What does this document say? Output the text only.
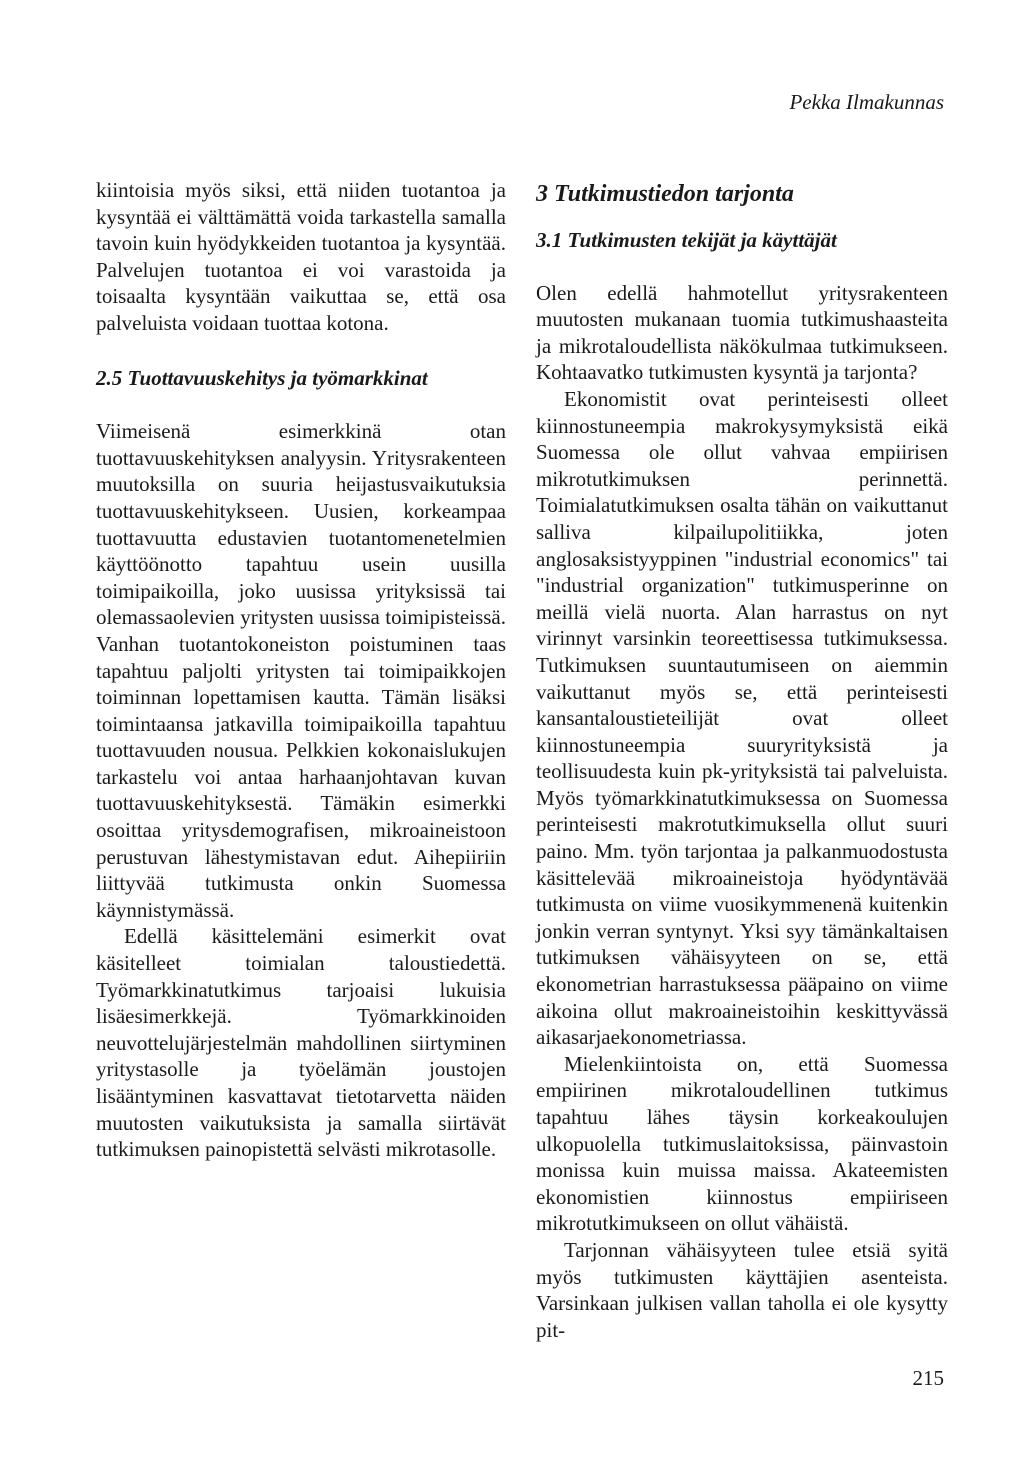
Pekka Ilmakunnas

kiintoisia myös siksi, että niiden tuotantoa ja kysyntää ei välttämättä voida tarkastella samalla tavoin kuin hyödykkeiden tuotantoa ja kysyntää. Palvelujen tuotantoa ei voi varastoida ja toisaalta kysyntään vaikuttaa se, että osa palveluista voidaan tuottaa kotona.

2.5 Tuottavuuskehitys ja työmarkkinat

Viimeisenä esimerkkinä otan tuottavuuskehityksen analyysin. Yritysrakenteen muutoksilla on suuria heijastusvaikutuksia tuottavuuskehitykseen. Uusien, korkeampaa tuottavuutta edustavien tuotantomenetelmien käyttöönotto tapahtuu usein uusilla toimipaikoilla, joko uusissa yrityksissä tai olemassaolevien yritysten uusissa toimipisteissä. Vanhan tuotantokoneiston poistuminen taas tapahtuu paljolti yritysten tai toimipaikkojen toiminnan lopettamisen kautta. Tämän lisäksi toimintaansa jatkavilla toimipaikoilla tapahtuu tuottavuuden nousua. Pelkkien kokonaislukujen tarkastelu voi antaa harhaanjohtavan kuvan tuottavuuskehityksestä. Tämäkin esimerkki osoittaa yritysdemografisen, mikroaineistoon perustuvan lähestymistavan edut. Aihepiiriin liittyvää tutkimusta onkin Suomessa käynnistymässä.

Edellä käsittelemäni esimerkit ovat käsitelleet toimialan taloustiedettä. Työmarkkinatutkimus tarjoaisi lukuisia lisäesimerkkejä. Työmarkkinoiden neuvottelujärjestelmän mahdollinen siirtyminen yritystasolle ja työelämän joustojen lisääntyminen kasvattavat tietotarvetta näiden muutosten vaikutuksista ja samalla siirtävät tutkimuksen painopistettä selvästi mikrotasolle.

3 Tutkimustiedon tarjonta
3.1 Tutkimusten tekijät ja käyttäjät

Olen edellä hahmotellut yritysrakenteen muutosten mukanaan tuomia tutkimushaasteita ja mikrotaloudellista näkökulmaa tutkimukseen. Kohtaavatko tutkimusten kysyntä ja tarjonta?

Ekonomistit ovat perinteisesti olleet kiinnostuneempia makrokysymyksistä eikä Suomessa ole ollut vahvaa empiirisen mikrotutkimuksen perinnettä. Toimialatutkimuksen osalta tähän on vaikuttanut salliva kilpailupolitiikka, joten anglosaksistyyppinen "industrial economics" tai "industrial organization" tutkimusperinne on meillä vielä nuorta. Alan harrastus on nyt virinnyt varsinkin teoreettisessa tutkimuksessa. Tutkimuksen suuntautumiseen on aiemmin vaikuttanut myös se, että perinteisesti kansantaloustieteilijät ovat olleet kiinnostuneempia suuryrityksistä ja teollisuudesta kuin pk-yrityksistä tai palveluista. Myös työmarkkinatutkimuksessa on Suomessa perinteisesti makrotutkimuksella ollut suuri paino. Mm. työn tarjontaa ja palkanmuodostusta käsittelevää mikroaineistoja hyödyntävää tutkimusta on viime vuosikymmenenä kuitenkin jonkin verran syntynyt. Yksi syy tämänkaltaisen tutkimuksen vähäisyyteen on se, että ekonometrian harrastuksessa pääpaino on viime aikoina ollut makroaineistoihin keskittyvässä aikasarjaekonometriassa.

Mielenkiintoista on, että Suomessa empiirinen mikrotaloudellinen tutkimus tapahtuu lähes täysin korkeakoulujen ulkopuolella tutkimuslaitoksissa, päinvastoin monissa kuin muissa maissa. Akateemisten ekonomistien kiinnostus empiiriseen mikrotutkimukseen on ollut vähäistä.

Tarjonnan vähäisyyteen tulee etsiä syitä myös tutkimusten käyttäjien asenteista. Varsinkaan julkisen vallan taholla ei ole kysytty pit-

215
